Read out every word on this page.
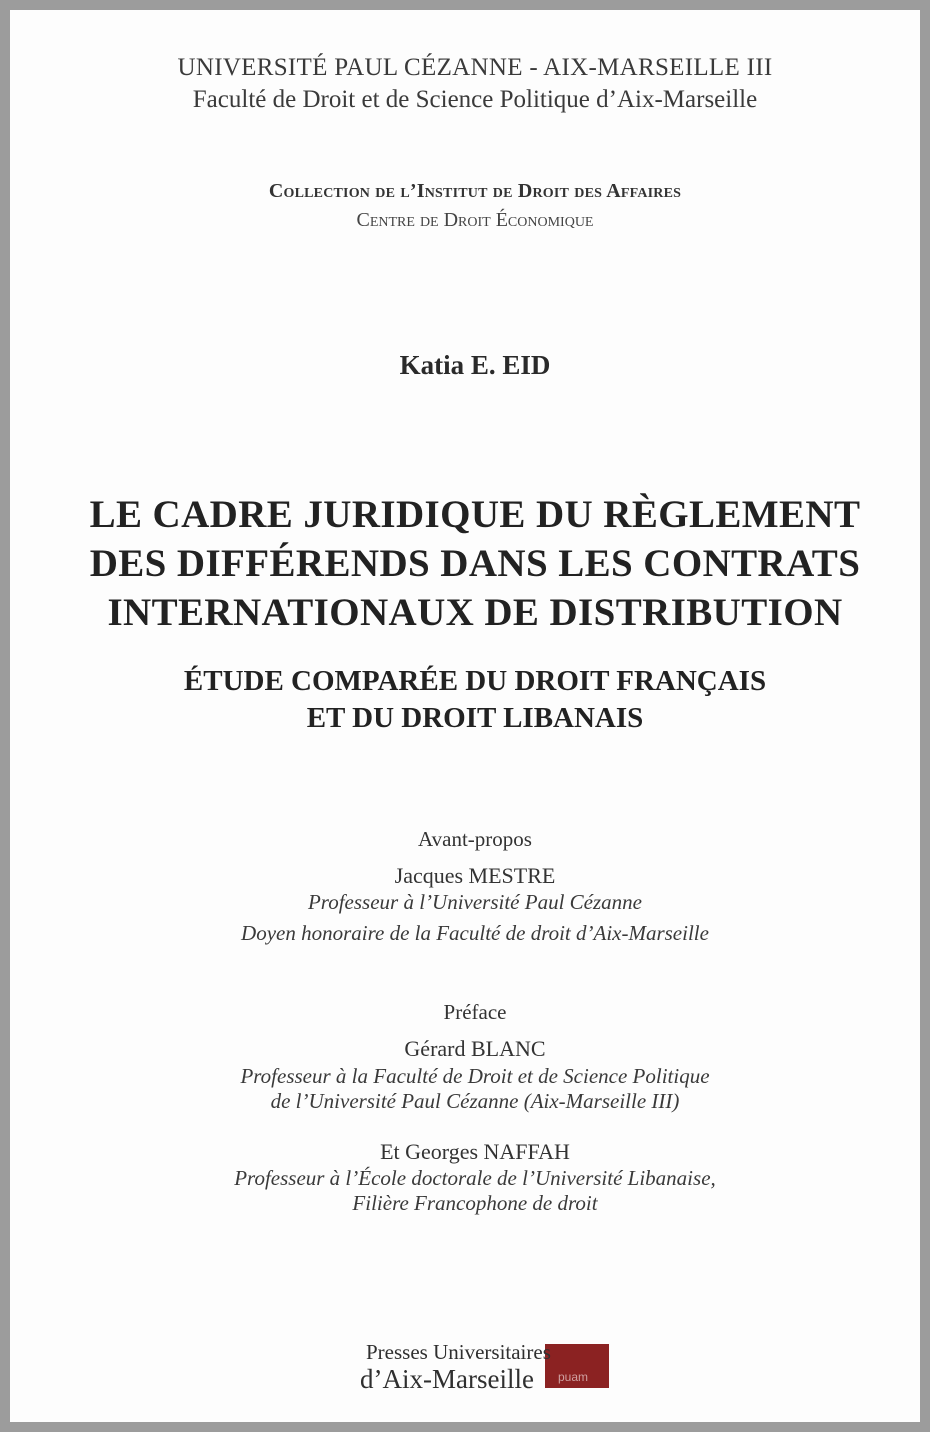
UNIVERSITÉ PAUL CÉZANNE - AIX-MARSEILLE III
Faculté de Droit et de Science Politique d’Aix-Marseille
Collection de l’Institut de Droit des Affaires
Centre de Droit Économique
Katia E. EID
LE CADRE JURIDIQUE DU RÈGLEMENT
DES DIFFÉRENDS DANS LES CONTRATS
INTERNATIONAUX DE DISTRIBUTION
ÉTUDE COMPARÉE DU DROIT FRANÇAIS
ET DU DROIT LIBANAIS
Avant-propos
Jacques MESTRE
Professeur à l’Université Paul Cézanne
Doyen honoraire de la Faculté de droit d’Aix-Marseille
Préface
Gérard BLANC
Professeur à la Faculté de Droit et de Science Politique
de l’Université Paul Cézanne (Aix-Marseille III)
Et Georges NAFFAH
Professeur à l’École doctorale de l’Université Libanaise,
Filière Francophone de droit
Presses Universitaires
d’Aix-Marseille puam
